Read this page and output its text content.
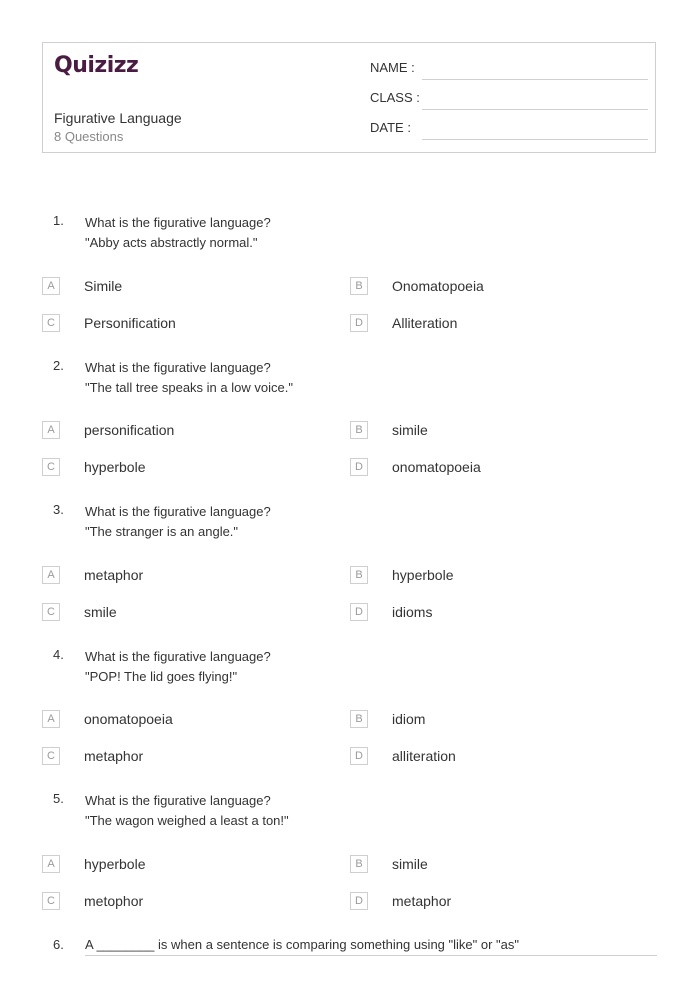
Quizizz
Figurative Language
8 Questions
NAME :
CLASS :
DATE :
1. What is the figurative language?
"Abby acts abstractly normal."
A	Simile	B	Onomatopoeia
C	Personification	D	Alliteration
2. What is the figurative language?
"The tall tree speaks in a low voice."
A	personification	B	simile
C	hyperbole	D	onomatopoeia
3. What is the figurative language?
"The stranger is an angle."
A	metaphor	B	hyperbole
C	smile	D	idioms
4. What is the figurative language?
"POP! The lid goes flying!"
A	onomatopoeia	B	idiom
C	metaphor	D	alliteration
5. What is the figurative language?
"The wagon weighed a least a ton!"
A	hyperbole	B	simile
C	metophor	D	metaphor
6. A ________ is when a sentence is comparing something using "like" or "as"
